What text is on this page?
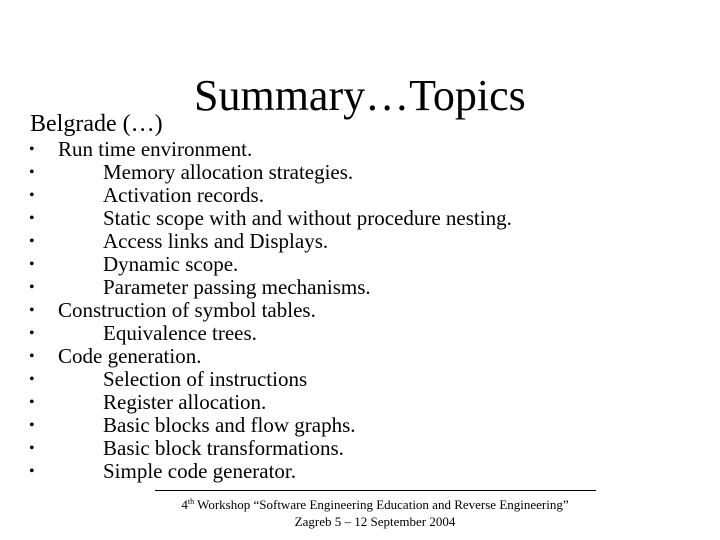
Summary…Topics
Belgrade (…)
• Run time environment.
•	Memory allocation strategies.
•	Activation records.
•	Static scope with and without procedure nesting.
•	Access links and Displays.
•	Dynamic scope.
•	Parameter passing mechanisms.
• Construction of symbol tables.
•	Equivalence trees.
• Code generation.
•	Selection of instructions
•	Register allocation.
•	Basic blocks and flow graphs.
•	Basic block transformations.
•	Simple code generator.
4th Workshop “Software Engineering Education and Reverse Engineering”
Zagreb 5 – 12 September 2004
